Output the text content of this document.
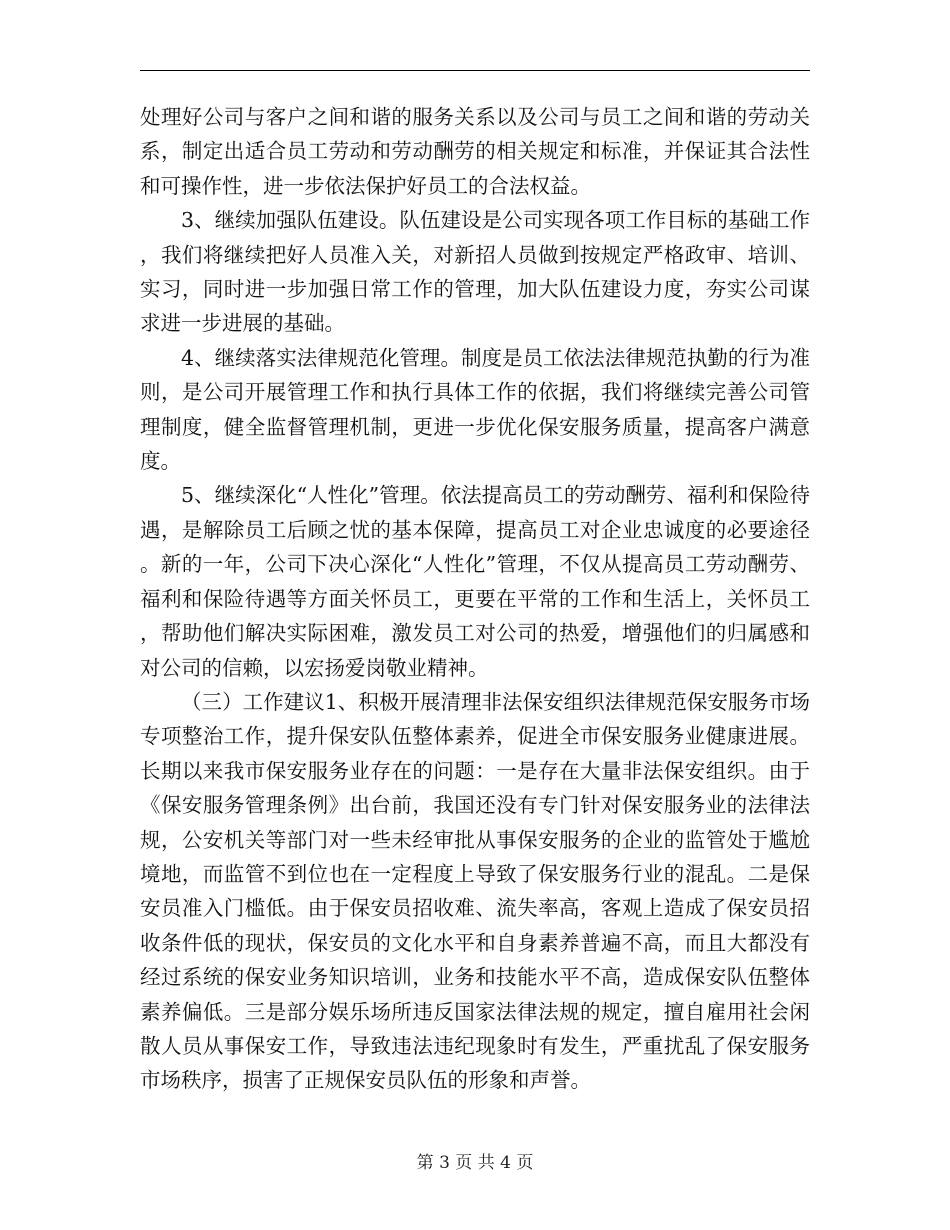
处理好公司与客户之间和谐的服务关系以及公司与员工之间和谐的劳动关系，制定出适合员工劳动和劳动酬劳的相关规定和标准，并保证其合法性和可操作性，进一步依法保护好员工的合法权益。

3、继续加强队伍建设。队伍建设是公司实现各项工作目标的基础工作，我们将继续把好人员准入关，对新招人员做到按规定严格政审、培训、实习，同时进一步加强日常工作的管理，加大队伍建设力度，夯实公司谋求进一步进展的基础。

4、继续落实法律规范化管理。制度是员工依法法律规范执勤的行为准则，是公司开展管理工作和执行具体工作的依据，我们将继续完善公司管理制度，健全监督管理机制，更进一步优化保安服务质量，提高客户满意度。

5、继续深化“人性化”管理。依法提高员工的劳动酬劳、福利和保险待遇，是解除员工后顾之忧的基本保障，提高员工对企业忠诚度的必要途径。新的一年，公司下决心深化“人性化”管理，不仅从提高员工劳动酬劳、福利和保险待遇等方面关怀员工，更要在平常的工作和生活上，关怀员工，帮助他们解决实际困难，激发员工对公司的热爱，增强他们的归属感和对公司的信赖，以宏扬爱岗敬业精神。

（三）工作建议1、积极开展清理非法保安组织法律规范保安服务市场专项整治工作，提升保安队伍整体素养，促进全市保安服务业健康进展。长期以来我市保安服务业存在的问题：一是存在大量非法保安组织。由于《保安服务管理条例》出台前，我国还没有专门针对保安服务业的法律法规，公安机关等部门对一些未经审批从事保安服务的企业的监管处于尴尬境地，而监管不到位也在一定程度上导致了保安服务行业的混乱。二是保安员准入门槛低。由于保安员招收难、流失率高，客观上造成了保安员招收条件低的现状，保安员的文化水平和自身素养普遍不高，而且大都没有经过系统的保安业务知识培训，业务和技能水平不高，造成保安队伍整体素养偏低。三是部分娱乐场所违反国家法律法规的规定，擅自雇用社会闲散人员从事保安工作，导致违法违纪现象时有发生，严重扰乱了保安服务市场秩序，损害了正规保安员队伍的形象和声誉。

第 3 页 共 4 页
